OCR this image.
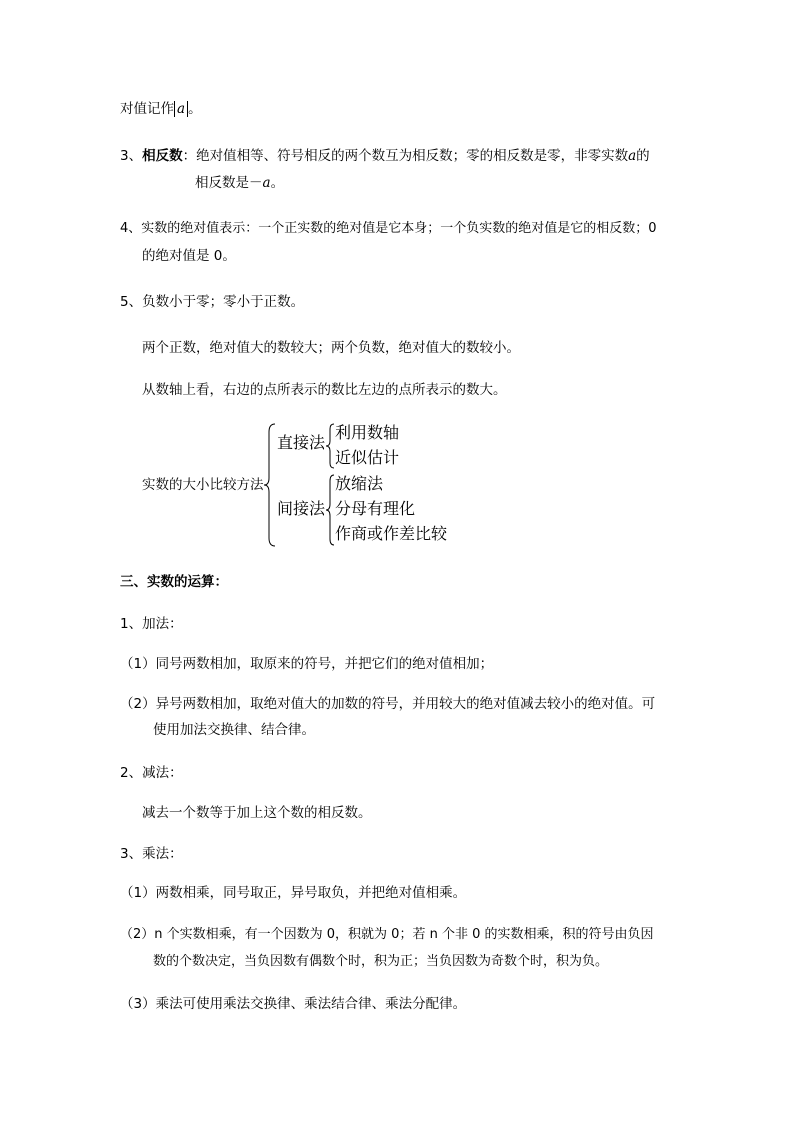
对值记作 a 。
3、相反数：绝对值相等、符号相反的两个数互为相反数；零的相反数是零，非零实数a的
相反数是－a。
4、实数的绝对值表示：一个正实数的绝对值是它本身；一个负实数的绝对值是它的相反数；0
的绝对值是 0。
5、负数小于零；零小于正数。
两个正数，绝对值大的数较大；两个负数，绝对值大的数较小。
从数轴上看，右边的点所表示的数比左边的点所表示的数大。
实数的大小比较方法
直接法
利用数轴
近似估计
间接法
放缩法
分母有理化
作商或作差比较
三、实数的运算：
1、加法：
（1）同号两数相加，取原来的符号，并把它们的绝对值相加；
（2）异号两数相加，取绝对值大的加数的符号，并用较大的绝对值减去较小的绝对值。可
使用加法交换律、结合律。
2、减法：
减去一个数等于加上这个数的相反数。
3、乘法：
（1）两数相乘，同号取正，异号取负，并把绝对值相乘。
（2）n 个实数相乘，有一个因数为 0，积就为 0；若 n 个非 0 的实数相乘，积的符号由负因
数的个数决定，当负因数有偶数个时，积为正；当负因数为奇数个时，积为负。
（3）乘法可使用乘法交换律、乘法结合律、乘法分配律。
